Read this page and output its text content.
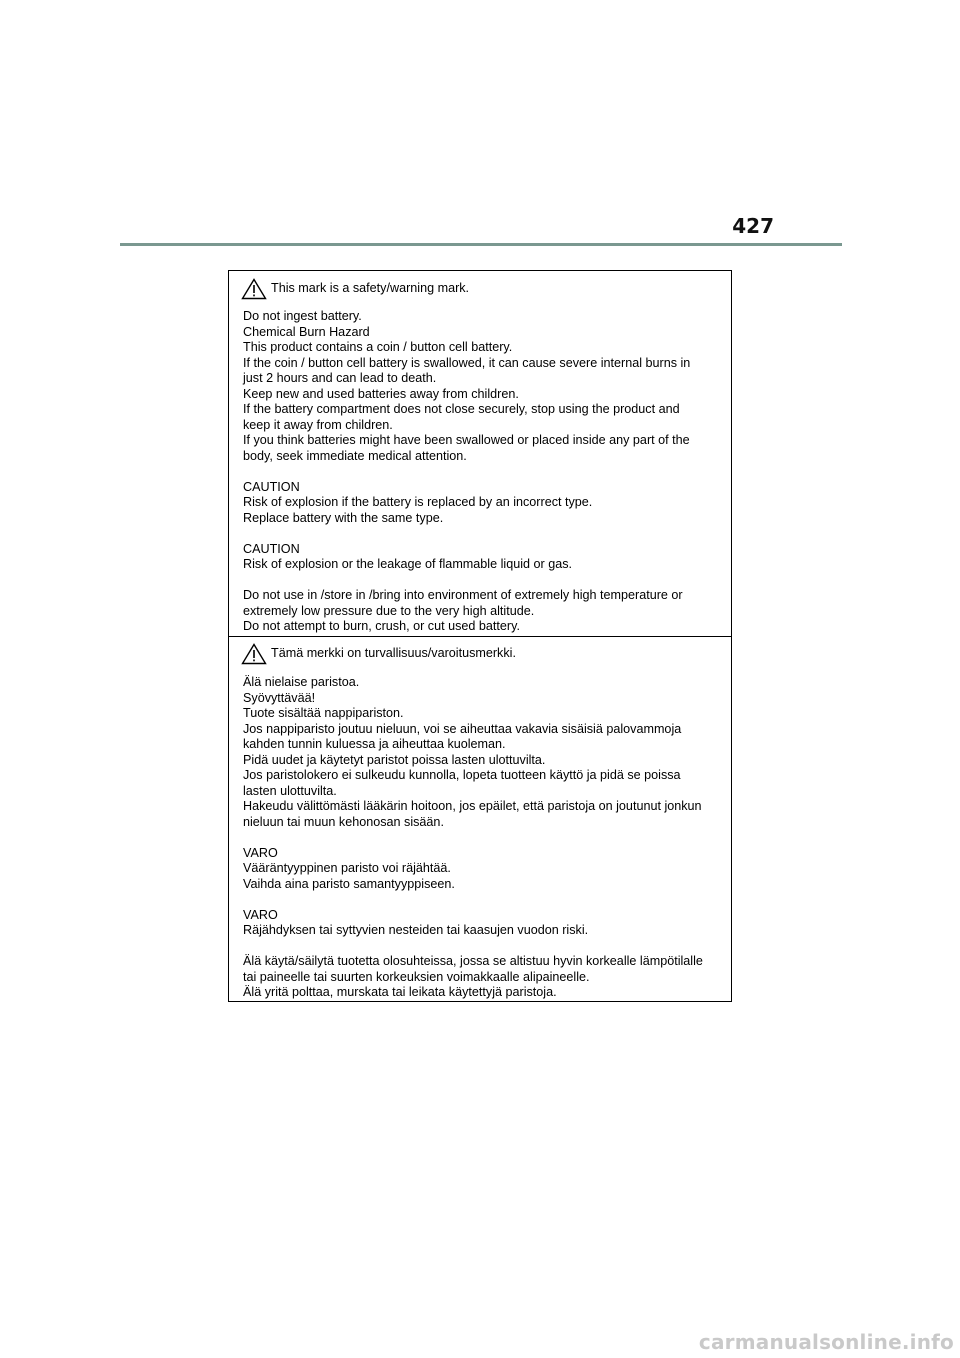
427
This mark is a safety/warning mark.
Do not ingest battery.
Chemical Burn Hazard
This product contains a coin / button cell battery.
If the coin / button cell battery is swallowed, it can cause severe internal burns in
just 2 hours and can lead to death.
Keep new and used batteries away from children.
If the battery compartment does not close securely, stop using the product and
keep it away from children.
If you think batteries might have been swallowed or placed inside any part of the
body, seek immediate medical attention.
CAUTION
Risk of explosion if the battery is replaced by an incorrect type.
Replace battery with the same type.
CAUTION
Risk of explosion or the leakage of flammable liquid or gas.
Do not use in /store in /bring into environment of extremely high temperature or
extremely low pressure due to the very high altitude.
Do not attempt to burn, crush, or cut used battery.
Tämä merkki on turvallisuus/varoitusmerkki.
Älä nielaise paristoa.
Syövyttävää!
Tuote sisältää nappipariston.
Jos nappiparisto joutuu nieluun, voi se aiheuttaa vakavia sisäisiä palovammoja
kahden tunnin kuluessa ja aiheuttaa kuoleman.
Pidä uudet ja käytetyt paristot poissa lasten ulottuvilta.
Jos paristolokero ei sulkeudu kunnolla, lopeta tuotteen käyttö ja pidä se poissa
lasten ulottuvilta.
Hakeudu välittömästi lääkärin hoitoon, jos epäilet, että paristoja on joutunut jonkun
nieluun tai muun kehonosan sisään.
VARO
Vääräntyyppinen paristo voi räjähtää.
Vaihda aina paristo samantyyppiseen.
VARO
Räjähdyksen tai syttyvien nesteiden tai kaasujen vuodon riski.
Älä käytä/säilytä tuotetta olosuhteissa, jossa se altistuu hyvin korkealle lämpötilalle
tai paineelle tai suurten korkeuksien voimakkaalle alipaineelle.
Älä yritä polttaa, murskata tai leikata käytettyjä paristoja.
carmanualsonline.info
